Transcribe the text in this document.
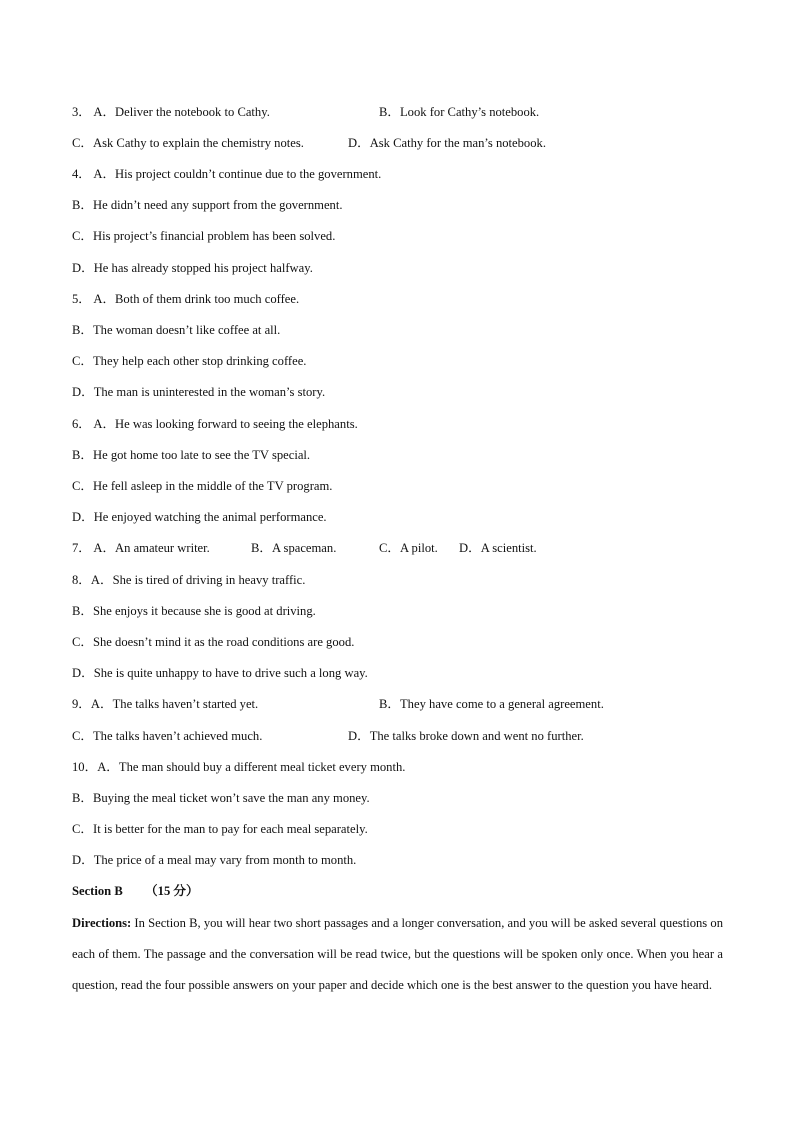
3． A．Deliver the notebook to Cathy.	B．Look for Cathy’s notebook.
C．Ask Cathy to explain the chemistry notes.	D．Ask Cathy for the man’s notebook.
4． A．His project couldn’t continue due to the government.
B．He didn’t need any support from the government.
C．His project’s financial problem has been solved.
D．He has already stopped his project halfway.
5． A．Both of them drink too much coffee.
B．The woman doesn’t like coffee at all.
C．They help each other stop drinking coffee.
D．The man is uninterested in the woman’s story.
6． A．He was looking forward to seeing the elephants.
B．He got home too late to see the TV special.
C．He fell asleep in the middle of the TV program.
D．He enjoyed watching the animal performance.
7． A．An amateur writer.	B．A spaceman.	C．A pilot. D．A scientist.
8．A．She is tired of driving in heavy traffic.
B．She enjoys it because she is good at driving.
C．She doesn’t mind it as the road conditions are good.
D．She is quite unhappy to have to drive such a long way.
9．A．The talks haven’t started yet.	B．They have come to a general agreement.
C．The talks haven’t achieved much.	D．The talks broke down and went no further.
10．A．The man should buy a different meal ticket every month.
B．Buying the meal ticket won’t save the man any money.
C．It is better for the man to pay for each meal separately.
D．The price of a meal may vary from month to month.
Section B （15 分）
Directions: In Section B, you will hear two short passages and a longer conversation, and you will be asked several questions on each of them. The passage and the conversation will be read twice, but the questions will be spoken only once. When you hear a question, read the four possible answers on your paper and decide which one is the best answer to the question you have heard.
